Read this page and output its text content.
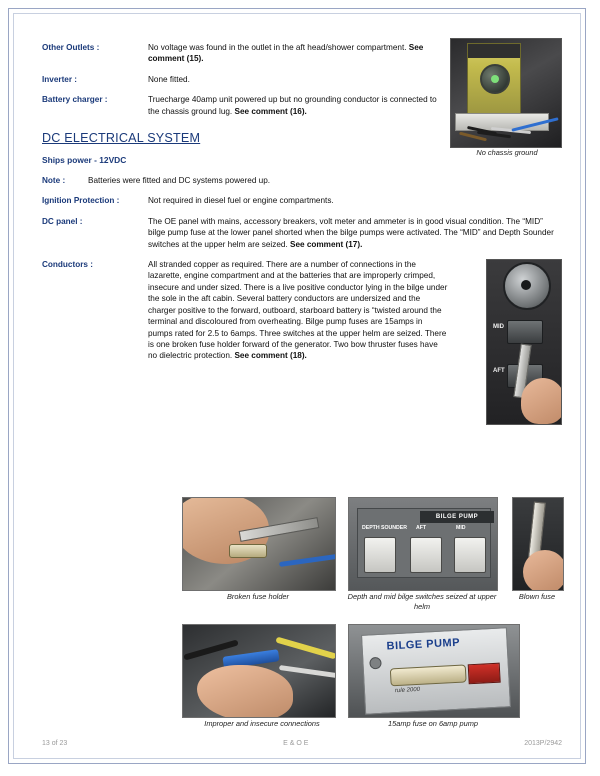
No chassis ground
Other Outlets :	No voltage was found in the outlet in the aft head/shower compartment. See comment (15).
Inverter :	None fitted.
Battery charger :	Truecharge 40amp unit powered up but no grounding conductor is connected to the chassis ground lug. See comment (16).
DC ELECTRICAL SYSTEM
Ships power - 12VDC
Note :	Batteries were fitted and DC systems powered up.
Ignition Protection :	Not required in diesel fuel or engine compartments.
DC panel :	The OE panel with mains, accessory breakers, volt meter and ammeter is in good visual condition. The “MID” bilge pump fuse at the lower panel shorted when the bilge pumps were activated. The “MID” and Depth Sounder switches at the upper helm are seized. See comment (17).
Conductors :	All stranded copper as required. There are a number of connections in the lazarette, engine compartment and at the batteries that are improperly crimped, insecure and under sized. There is a live positive conductor lying in the bilge under the sole in the aft cabin. Several battery conductors are undersized and the charger positive to the forward, outboard, starboard battery is “twisted around the terminal and discoloured from overheating. Bilge pump fuses are 15amps in pumps rated for 2.5 to 6amps. Three switches at the upper helm are seized. There is one broken fuse holder forward of the generator. Two bow thruster fuses have no dielectric protection. See comment (18).
MID
AFT
Broken fuse holder
BILGE PUMP
DEPTH SOUNDER AFT	MID
Depth and mid bilge switches seized at upper helm
Blown fuse
Improper and insecure connections
BILGE PUMP
rule 2000
15amp fuse on 6amp pump
13 of 23	E & O E	2013P/2942
